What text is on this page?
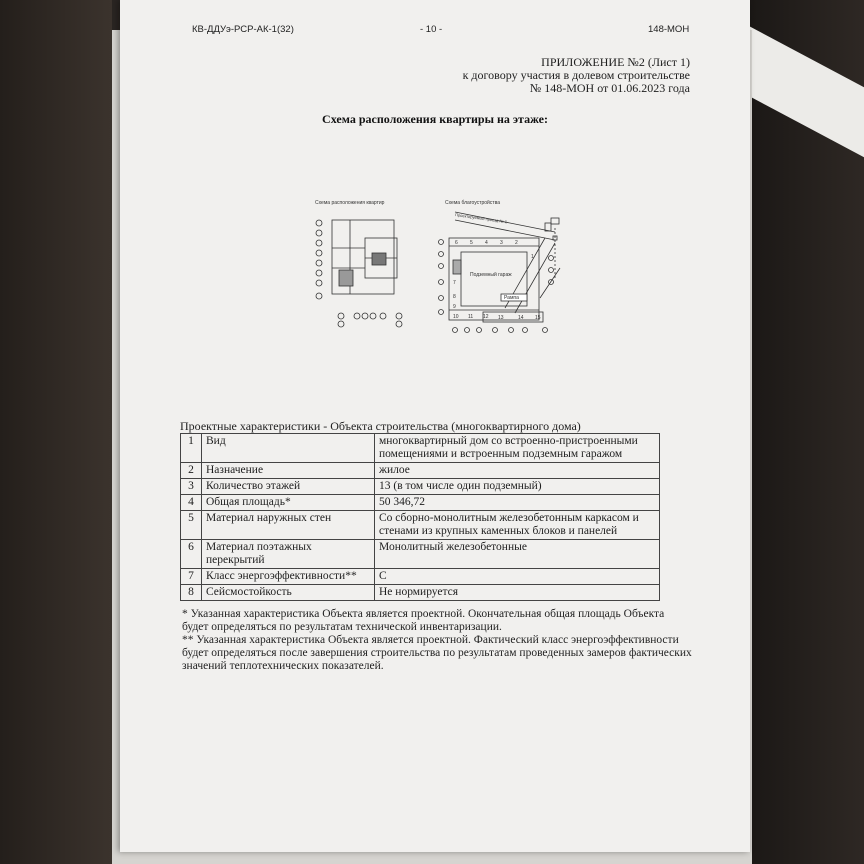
КВ-ДДУэ-РСР-АК-1(32)	- 10 -	148-МОН
ПРИЛОЖЕНИЕ №2 (Лист 1)
к договору участия в долевом строительстве
№ 148-МОН от 01.06.2023 года
Схема расположения квартиры на этаже:
Схема расположения квартир	Схема благоустройства
Проектируемый проезд № 1
13	14 15
Подземный гараж
Рампа
6 5 4 3 2
1
7
8
9
10 11 12
Проектные характеристики - Объекта строительства (многоквартирного дома)
1	Вид	многоквартирный дом со встроенно-пристроенными помещениями и встроенным подземным гаражом
2	Назначение	жилое
3	Количество этажей	13 (в том числе один подземный)
4	Общая площадь*	50 346,72
5	Материал наружных стен	Со сборно-монолитным железобетонным каркасом и стенами из крупных каменных блоков и панелей
6	Материал поэтажных перекрытий	Монолитный железобетонные
7	Класс энергоэффективности**	С
8	Сейсмостойкость	Не нормируется

* Указанная характеристика Объекта является проектной. Окончательная общая площадь Объекта будет определяться по результатам технической инвентаризации.

** Указанная характеристика Объекта является проектной. Фактический класс энергоэффективности будет определяться после завершения строительства по результатам проведенных замеров фактических значений теплотехнических показателей.
